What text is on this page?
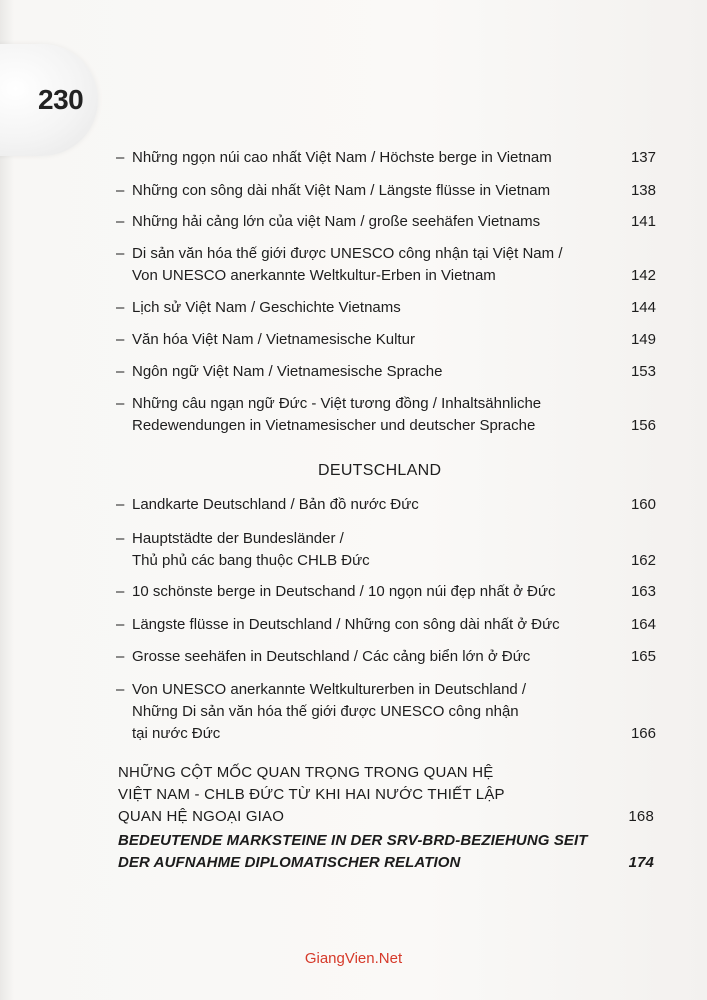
230
– Những ngọn núi cao nhất Việt Nam / Höchste berge in Vietnam	137
– Những con sông dài nhất Việt Nam / Längste flüsse in Vietnam	138
– Những hải cảng lớn của việt Nam / große seehäfen Vietnams	141
– Di sản văn hóa thế giới được UNESCO công nhận tại Việt Nam /
Von UNESCO anerkannte Weltkultur-Erben in Vietnam	142
– Lịch sử Việt Nam / Geschichte Vietnams	144
– Văn hóa Việt Nam / Vietnamesische Kultur	149
– Ngôn ngữ Việt Nam / Vietnamesische Sprache	153
– Những câu ngạn ngữ Đức - Việt tương đồng / Inhaltsähnliche
Redewendungen in Vietnamesischer und deutscher Sprache	156
DEUTSCHLAND
– Landkarte Deutschland / Bản đồ nước Đức	160
– Hauptstädte der Bundesländer /
Thủ phủ các bang thuộc CHLB Đức	162
– 10 schönste berge in Deutschand / 10 ngọn núi đẹp nhất ở Đức	163
– Längste flüsse in Deutschland / Những con sông dài nhất ở Đức	164
– Grosse seehäfen in Deutschland / Các cảng biển lớn ở Đức	165
– Von UNESCO anerkannte Weltkulturerben in Deutschland /
Những Di sản văn hóa thế giới được UNESCO công nhận
tại nước Đức	166
NHỮNG CỘT MỐC QUAN TRỌNG TRONG QUAN HỆ
VIỆT NAM - CHLB ĐỨC TỪ KHI HAI NƯỚC THIẾT LẬP
QUAN HỆ NGOẠI GIAO	168
BEDEUTENDE MARKSTEINE IN DER SRV-BRD-BEZIEHUNG SEIT
DER AUFNAHME DIPLOMATISCHER RELATION	174
GiangVien.Net
